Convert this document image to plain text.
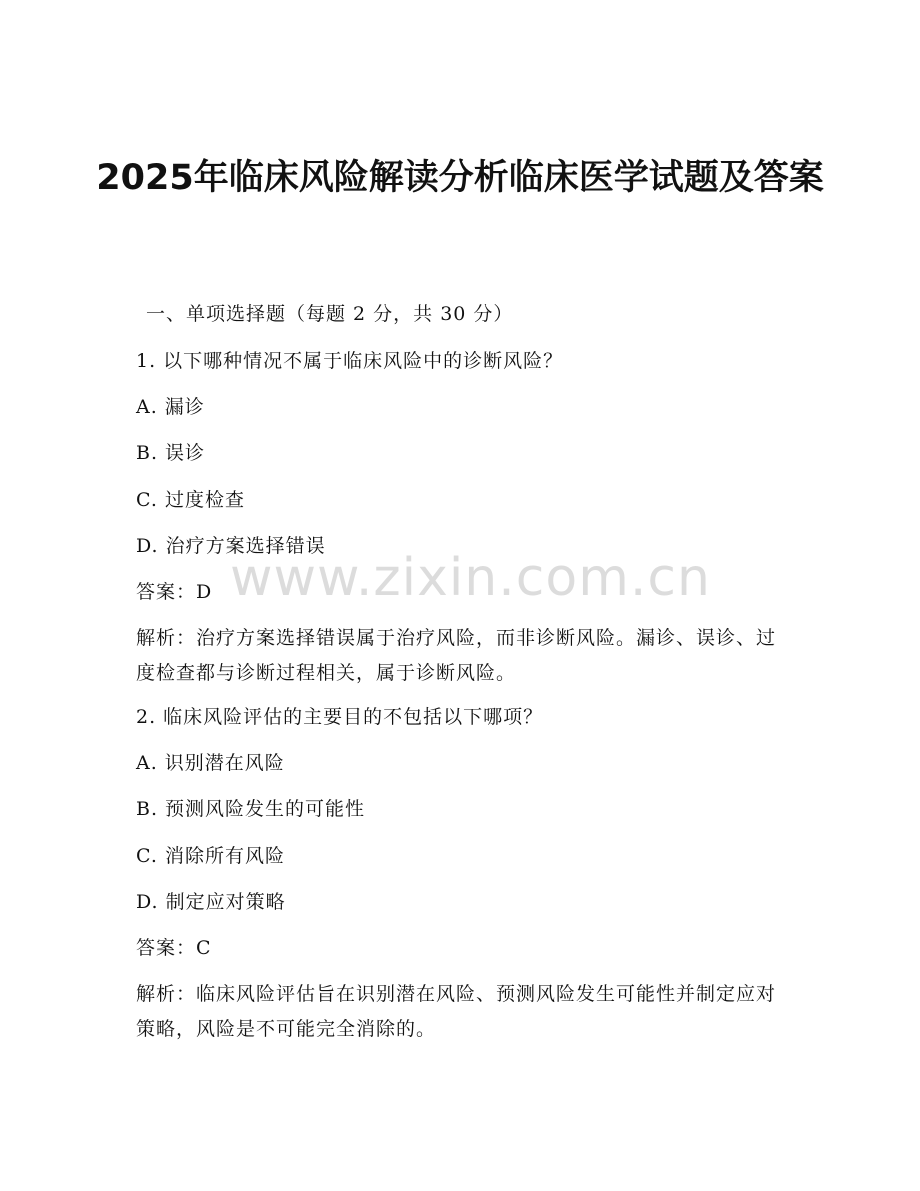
2025年临床风险解读分析临床医学试题及答案
一、单项选择题（每题 2 分，共 30 分）
1. 以下哪种情况不属于临床风险中的诊断风险？
A. 漏诊
B. 误诊
C. 过度检查
D. 治疗方案选择错误
答案：D
解析：治疗方案选择错误属于治疗风险，而非诊断风险。漏诊、误诊、过度检查都与诊断过程相关，属于诊断风险。
2. 临床风险评估的主要目的不包括以下哪项？
A. 识别潜在风险
B. 预测风险发生的可能性
C. 消除所有风险
D. 制定应对策略
答案：C
解析：临床风险评估旨在识别潜在风险、预测风险发生可能性并制定应对策略，风险是不可能完全消除的。
www.zixin.com.cn
